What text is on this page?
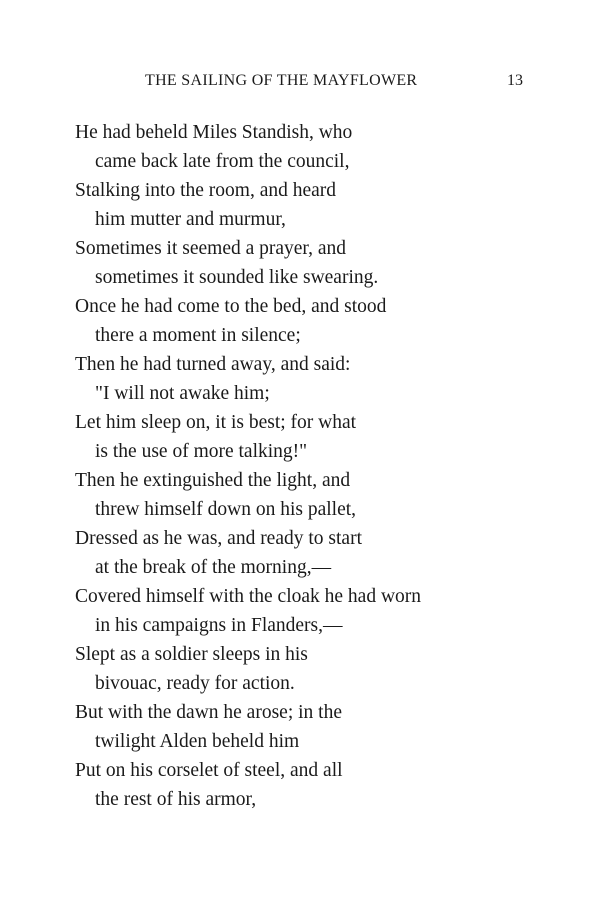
THE SAILING OF THE MAYFLOWER	13
He had beheld Miles Standish, who
came back late from the council,
Stalking into the room, and heard
him mutter and murmur,
Sometimes it seemed a prayer, and
sometimes it sounded like swearing.
Once he had come to the bed, and stood
there a moment in silence;
Then he had turned away, and said:
"I will not awake him;
Let him sleep on, it is best; for what
is the use of more talking!"
Then he extinguished the light, and
threw himself down on his pallet,
Dressed as he was, and ready to start
at the break of the morning,—
Covered himself with the cloak he had worn
in his campaigns in Flanders,—
Slept as a soldier sleeps in his
bivouac, ready for action.
But with the dawn he arose; in the
twilight Alden beheld him
Put on his corselet of steel, and all
the rest of his armor,
